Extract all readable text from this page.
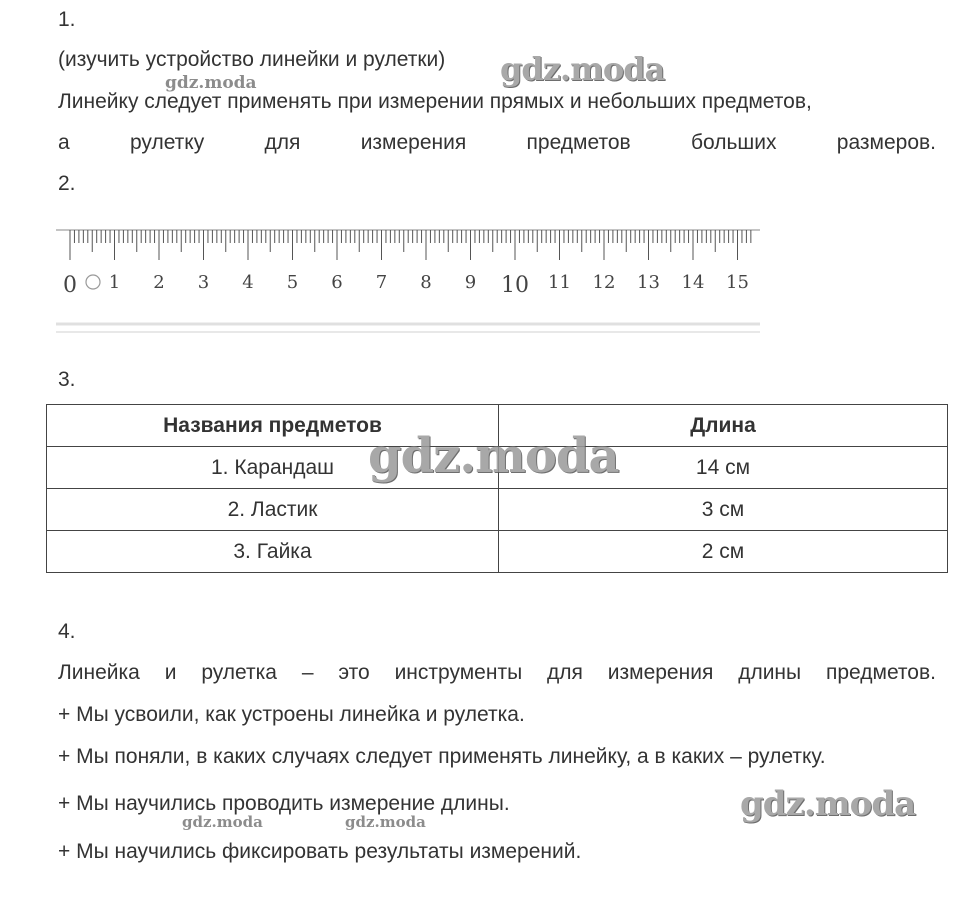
1.
(изучить устройство линейки и рулетки)
Линейку следует применять при измерении прямых и небольших предметов,
а	рулетку	для	измерения	предметов	больших	размеров.
2.
0 1 2 3 4 5 6 7 8 9 10 11 12 13 14 15
3.
Названия предметов	Длина
1. Карандаш	14 см
2. Ластик	3 см
3. Гайка	2 см
4.
Линейка и рулетка – это инструменты для измерения длины предметов.
+ Мы усвоили, как устроены линейка и рулетка.
+ Мы поняли, в каких случаях следует применять линейку, а в каких – рулетку.
+ Мы научились проводить измерение длины.
+ Мы научились фиксировать результаты измерений.
gdz.moda
gdz.moda
gdz.moda
gdz.moda
gdz.moda	gdz.moda
